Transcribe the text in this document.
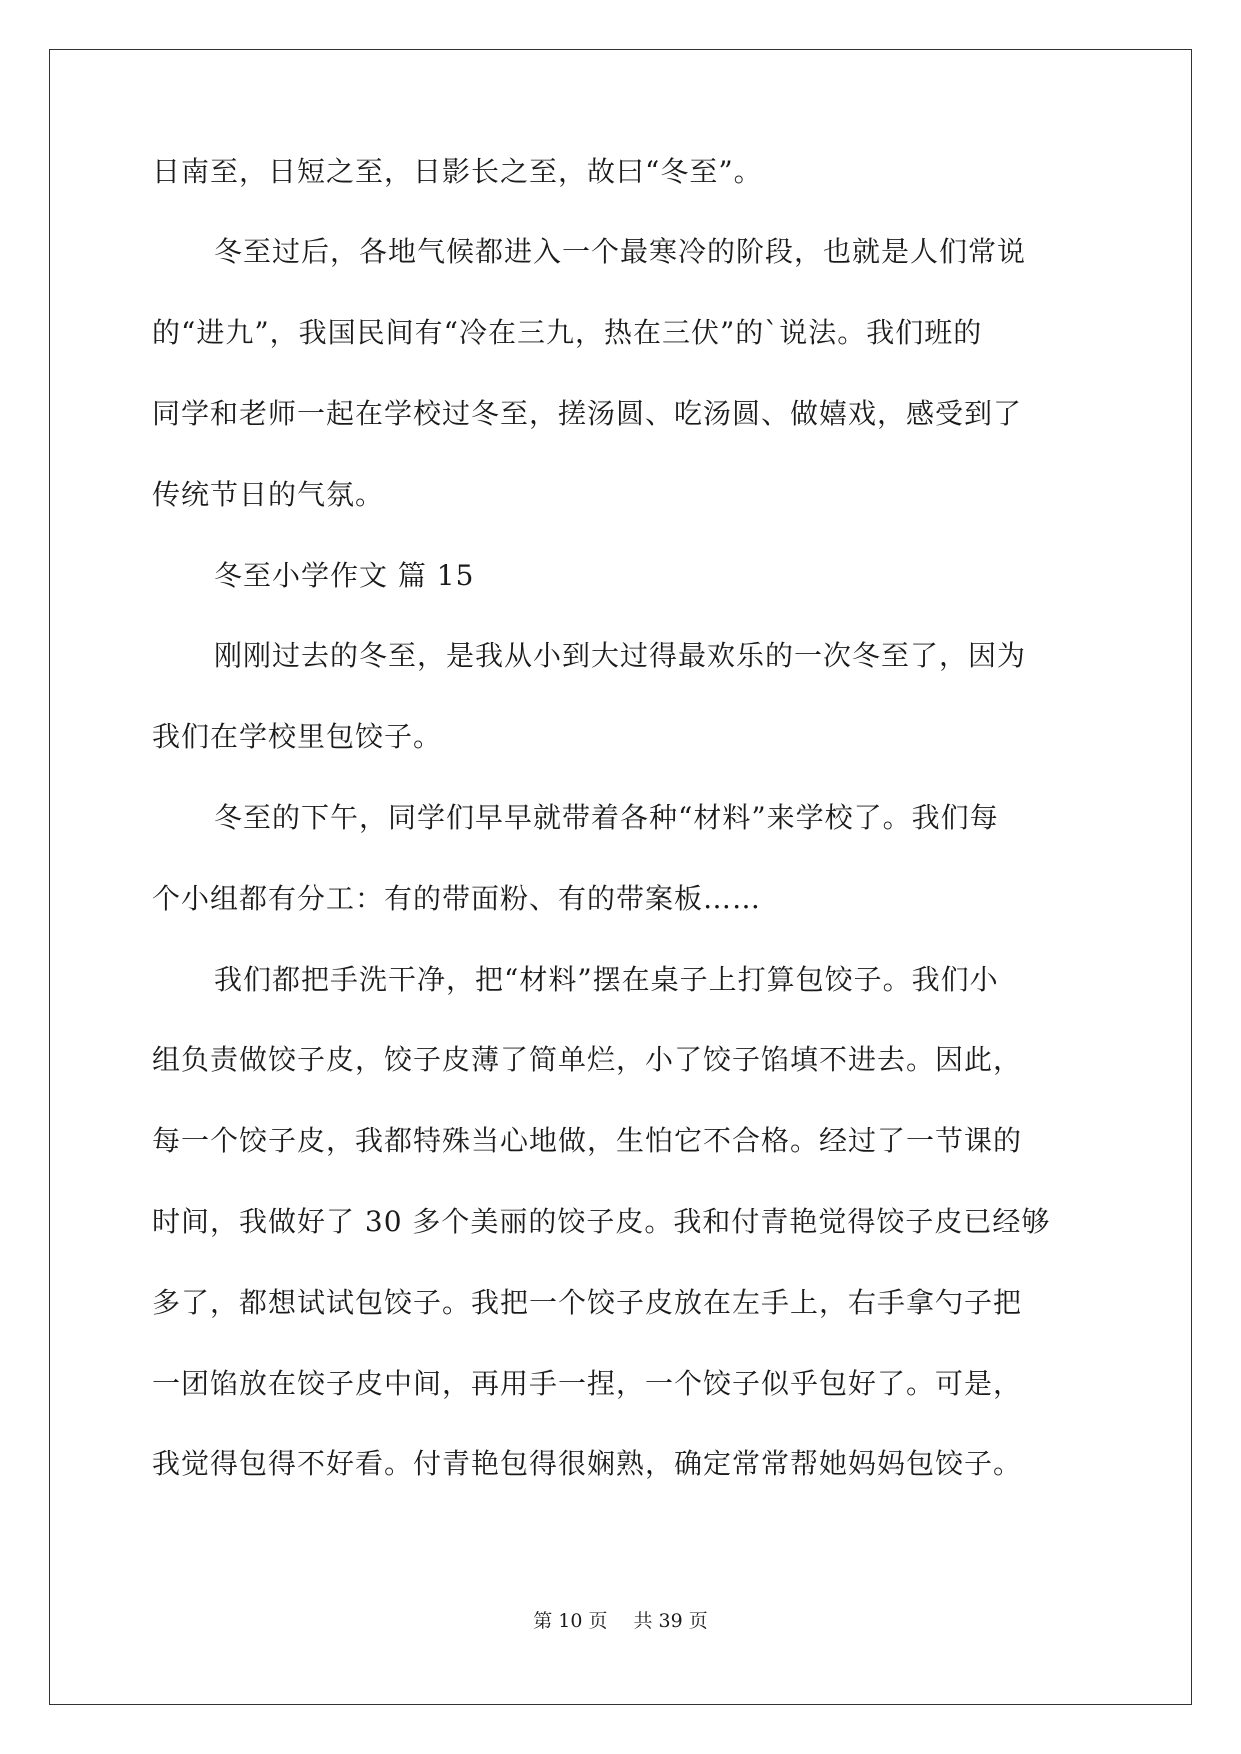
日南至，日短之至，日影长之至，故曰“冬至”。
冬至过后，各地气候都进入一个最寒冷的阶段，也就是人们常说
的“进九”，我国民间有“冷在三九，热在三伏”的`说法。我们班的
同学和老师一起在学校过冬至，搓汤圆、吃汤圆、做嬉戏，感受到了
传统节日的气氛。
冬至小学作文 篇 15
刚刚过去的冬至，是我从小到大过得最欢乐的一次冬至了，因为
我们在学校里包饺子。
冬至的下午，同学们早早就带着各种“材料”来学校了。我们每
个小组都有分工：有的带面粉、有的带案板……
我们都把手洗干净，把“材料”摆在桌子上打算包饺子。我们小
组负责做饺子皮，饺子皮薄了简单烂，小了饺子馅填不进去。因此，
每一个饺子皮，我都特殊当心地做，生怕它不合格。经过了一节课的
时间，我做好了 30 多个美丽的饺子皮。我和付青艳觉得饺子皮已经够
多了，都想试试包饺子。我把一个饺子皮放在左手上，右手拿勺子把
一团馅放在饺子皮中间，再用手一捏，一个饺子似乎包好了。可是，
我觉得包得不好看。付青艳包得很娴熟，确定常常帮她妈妈包饺子。
第 10 页 共 39 页
